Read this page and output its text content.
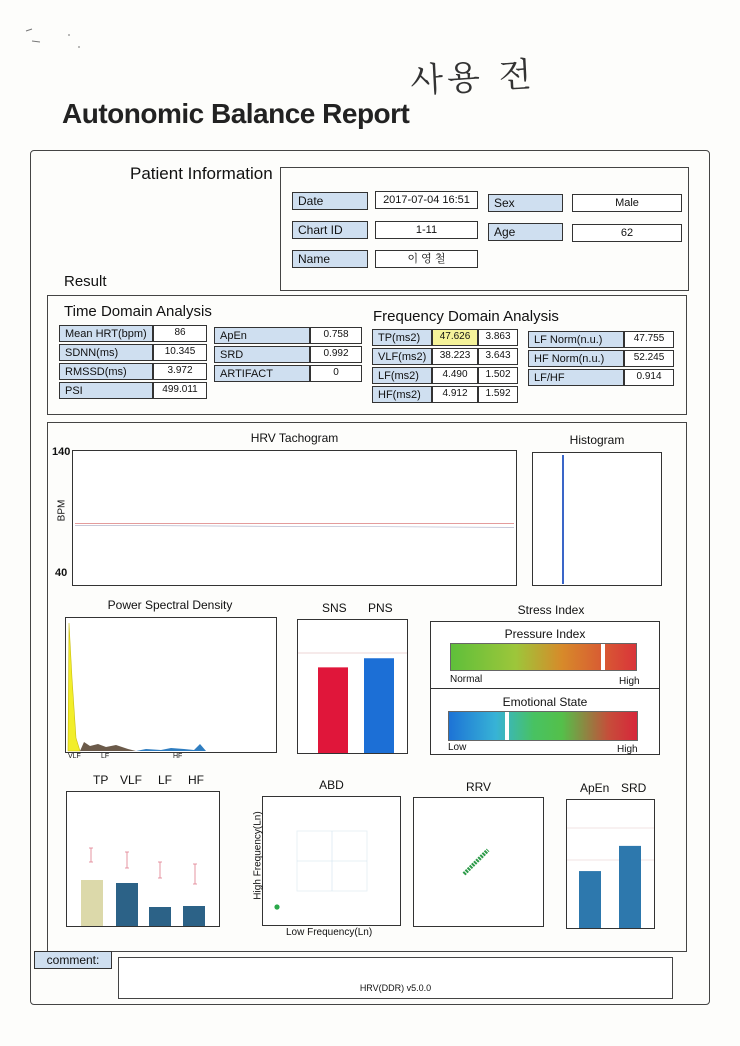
사용 전
Autonomic Balance Report
Patient Information
Date	2017-07-04 16:51	Sex	Male
Chart ID	1-11	Age	62
Name	이 영 철
Result
Time Domain Analysis
Mean HRT(bpm)	86
SDNN(ms)	10.345
RMSSD(ms)	3.972
PSI	499.011
ApEn	0.758
SRD	0.992
ARTIFACT	0
Frequency Domain Analysis
TP(ms2)	47.626	3.863
VLF(ms2)	38.223	3.643
LF(ms2)	4.490	1.502
HF(ms2)	4.912	1.592
LF Norm(n.u.)	47.755
HF Norm(n.u.)	52.245
LF/HF	0.914
HRV Tachogram
140
40
BPM
Histogram
Power Spectral Density
VLF	LF	HF
SNS PNS	Stress Index
Pressure Index
Normal	High
Emotional State
Low	High
TP VLF LF HF	ABD
Low Frequency(Ln)
High Frequency(Ln)
RRV	ApEn SRD
comment:
HRV(DDR) v5.0.0
